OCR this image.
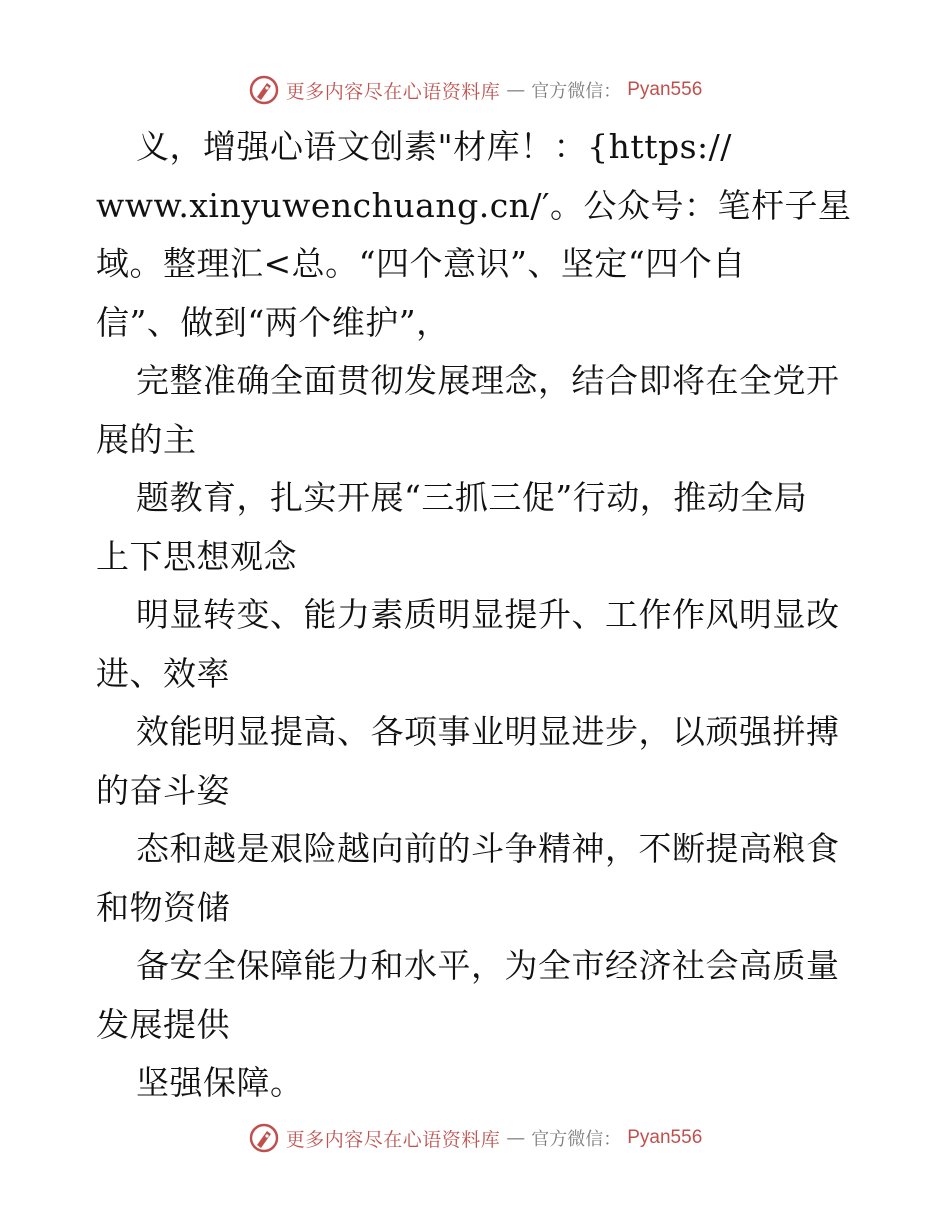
更多内容尽在心语资料库 — 官方微信： Pyan556
义，增强心语文创素"材库！：{https://
www.xinyuwenchuang.cn/′。公众号：笔杆子星
域。整理汇<总。“四个意识”、坚定“四个自
信”、做到“两个维护”，
完整准确全面贯彻发展理念，结合即将在全党开
展的主
题教育，扎实开展“三抓三促”行动，推动全局
上下思想观念
明显转变、能力素质明显提升、工作作风明显改
进、效率
效能明显提高、各项事业明显进步，以顽强拼搏
的奋斗姿
态和越是艰险越向前的斗争精神，不断提高粮食
和物资储
备安全保障能力和水平，为全市经济社会高质量
发展提供
坚强保障。
更多内容尽在心语资料库 — 官方微信： Pyan556
